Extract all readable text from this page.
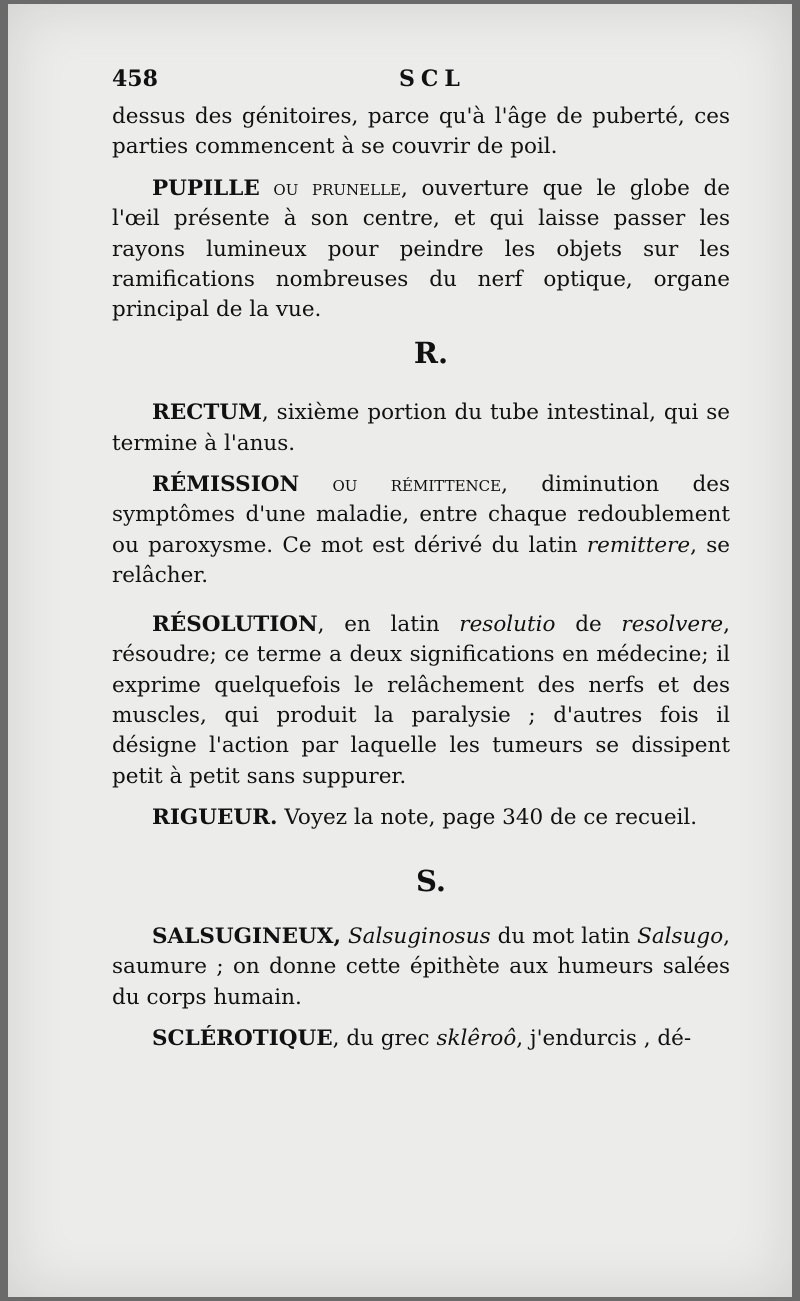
458	SCL

dessus des génitoires, parce qu'à l'âge de puberté, ces parties commencent à se couvrir de poil.

PUPILLE ou prunelle, ouverture que le globe de l'œil présente à son centre, et qui laisse passer les rayons lumineux pour peindre les objets sur les ramifications nombreuses du nerf optique, organe principal de la vue.

R.

RECTUM, sixième portion du tube intestinal, qui se termine à l'anus.

RÉMISSION ou rémittence, diminution des symptômes d'une maladie, entre chaque redoublement ou paroxysme. Ce mot est dérivé du latin remittere, se relâcher.

RÉSOLUTION, en latin resolutio de resolvere, résoudre; ce terme a deux significations en médecine; il exprime quelquefois le relâchement des nerfs et des muscles, qui produit la paralysie ; d'autres fois il désigne l'action par laquelle les tumeurs se dissipent petit à petit sans suppurer.

RIGUEUR. Voyez la note, page 340 de ce recueil.

S.

SALSUGINEUX, Salsuginosus du mot latin Salsugo, saumure ; on donne cette épithète aux humeurs salées du corps humain.

SCLÉROTIQUE, du grec sklêroô, j'endurcis , dé-
